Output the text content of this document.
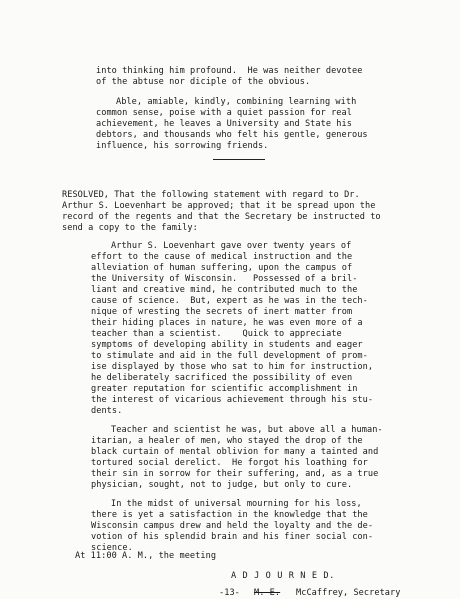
into thinking him profound.  He was neither devotee
of the abtuse nor diciple of the obvious.
Able, amiable, kindly, combining learning with
common sense, poise with a quiet passion for real
achievement, he leaves a University and State his
debtors, and thousands who felt his gentle, generous
influence, his sorrowing friends.
RESOLVED, That the following statement with regard to Dr.
Arthur S. Loevenhart be approved; that it be spread upon the
record of the regents and that the Secretary be instructed to
send a copy to the family:
Arthur S. Loevenhart gave over twenty years of
effort to the cause of medical instruction and the
alleviation of human suffering, upon the campus of
the University of Wisconsin.   Possessed of a bril-
liant and creative mind, he contributed much to the
cause of science.  But, expert as he was in the tech-
nique of wresting the secrets of inert matter from
their hiding places in nature, he was even more of a
teacher than a scientist.    Quick to appreciate
symptoms of developing ability in students and eager
to stimulate and aid in the full development of prom-
ise displayed by those who sat to him for instruction,
he deliberately sacrificed the possibility of even
greater reputation for scientific accomplishment in
the interest of vicarious achievement through his stu-
dents.
Teacher and scientist he was, but above all a human-
itarian, a healer of men, who stayed the drop of the
black curtain of mental oblivion for many a tainted and
tortured social derelict.  He forgot his loathing for
their sin in sorrow for their suffering, and, as a true
physician, sought, not to judge, but only to cure.
In the midst of universal mourning for his loss,
there is yet a satisfaction in the knowledge that the
Wisconsin campus drew and held the loyalty and the de-
votion of his splendid brain and his finer social con-
science.
At 11:00 A. M., the meeting
A D J O U R N E D.
-13- M. E. McCaffrey, Secretary
